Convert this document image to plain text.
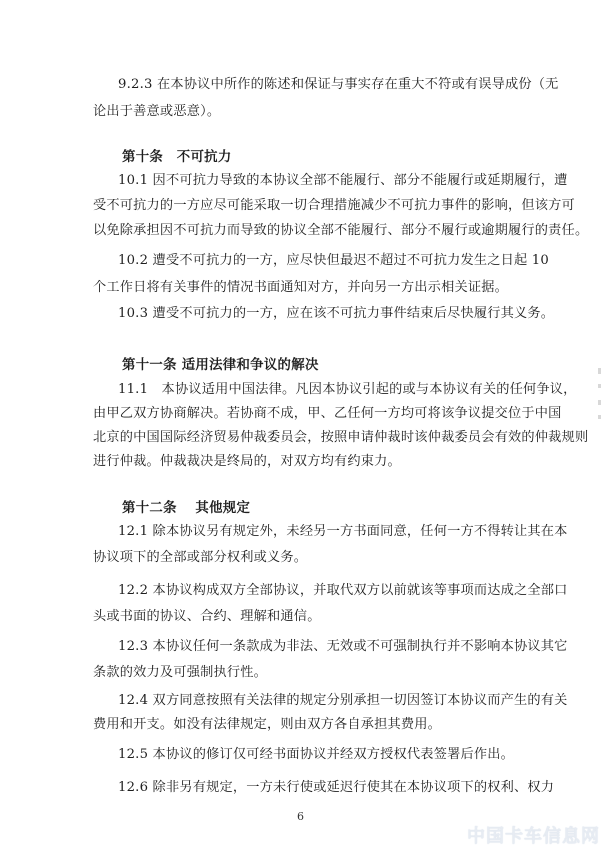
9.2.3 在本协议中所作的陈述和保证与事实存在重大不符或有误导成份（无
论出于善意或恶意）。
第十条　不可抗力
10.1 因不可抗力导致的本协议全部不能履行、部分不能履行或延期履行，遭
受不可抗力的一方应尽可能采取一切合理措施减少不可抗力事件的影响，但该方可
以免除承担因不可抗力而导致的协议全部不能履行、部分不履行或逾期履行的责任。
10.2 遭受不可抗力的一方，应尽快但最迟不超过不可抗力发生之日起 10
个工作日将有关事件的情况书面通知对方，并向另一方出示相关证据。
10.3 遭受不可抗力的一方，应在该不可抗力事件结束后尽快履行其义务。
第十一条 适用法律和争议的解决
11.1　本协议适用中国法律。凡因本协议引起的或与本协议有关的任何争议，
由甲乙双方协商解决。若协商不成，甲、乙任何一方均可将该争议提交位于中国
北京的中国国际经济贸易仲裁委员会，按照申请仲裁时该仲裁委员会有效的仲裁规则
进行仲裁。仲裁裁决是终局的，对双方均有约束力。
第十二条　 其他规定
12.1 除本协议另有规定外，未经另一方书面同意，任何一方不得转让其在本
协议项下的全部或部分权利或义务。
12.2 本协议构成双方全部协议，并取代双方以前就该等事项而达成之全部口
头或书面的协议、合约、理解和通信。
12.3 本协议任何一条款成为非法、无效或不可强制执行并不影响本协议其它
条款的效力及可强制执行性。
12.4 双方同意按照有关法律的规定分别承担一切因签订本协议而产生的有关
费用和开支。如没有法律规定，则由双方各自承担其费用。
12.5 本协议的修订仅可经书面协议并经双方授权代表签署后作出。
12.6 除非另有规定，一方未行使或延迟行使其在本协议项下的权利、权力
6
中国卡车信息网
